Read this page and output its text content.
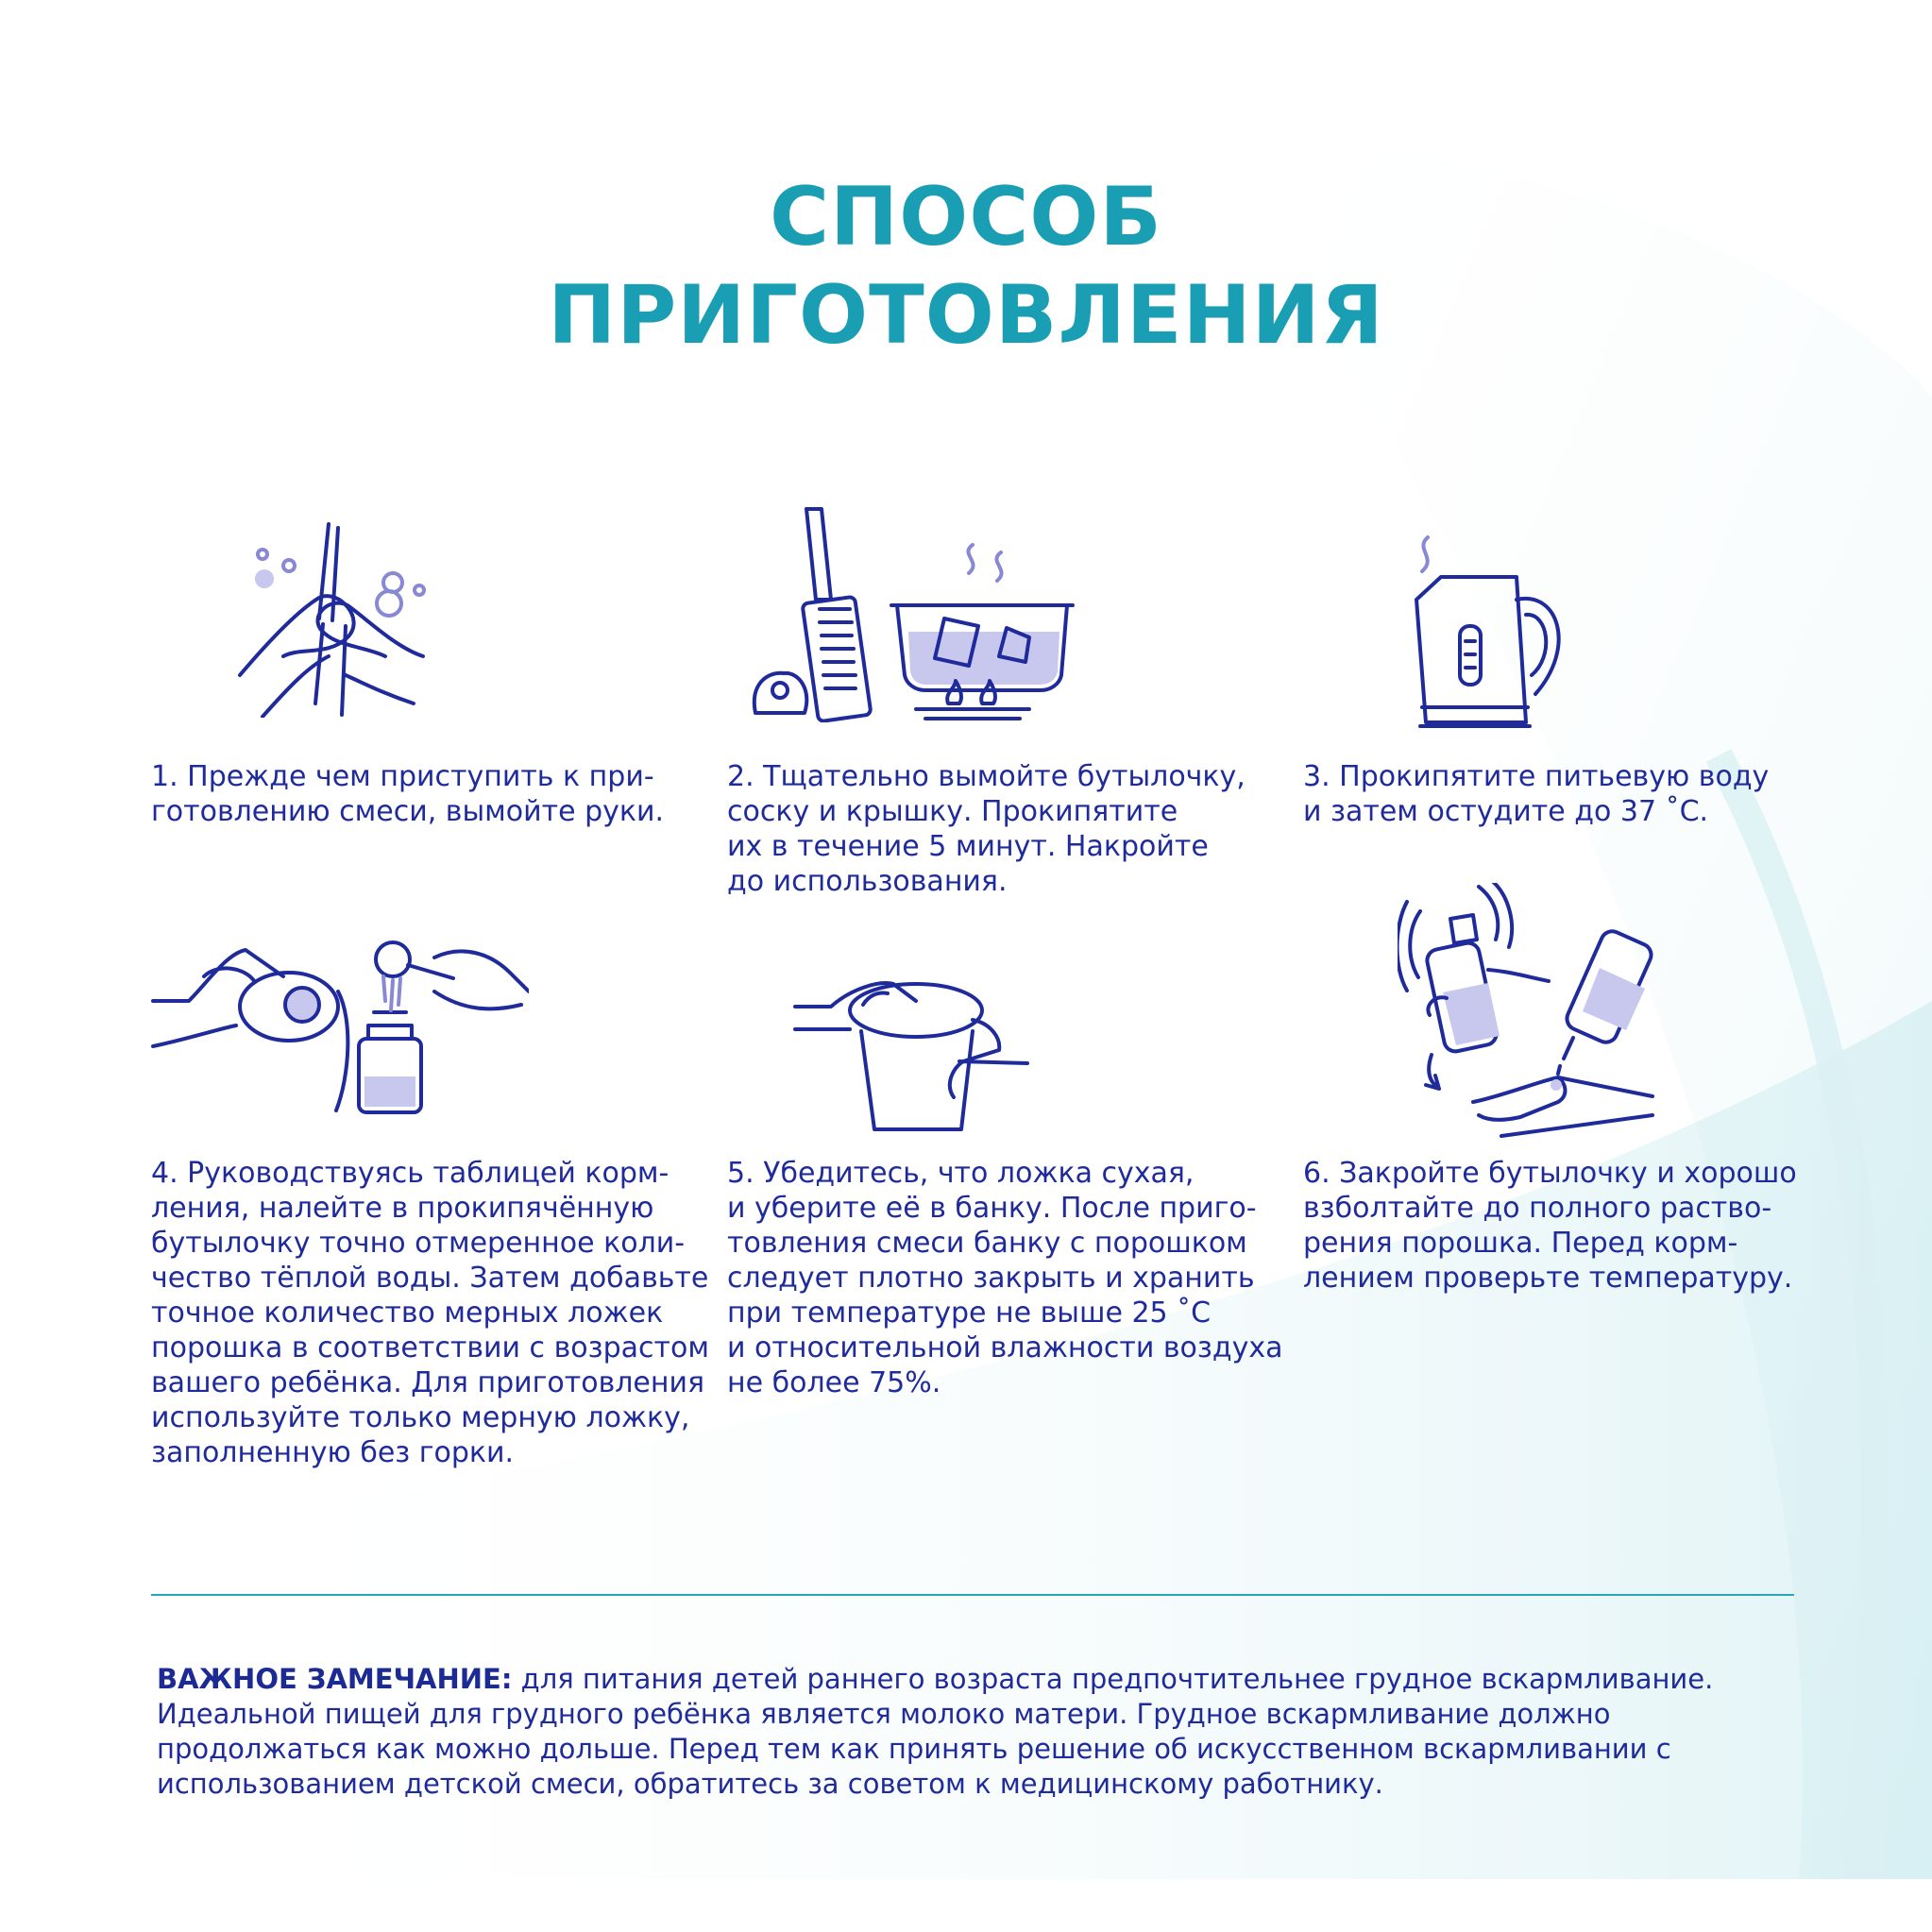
СПОСОБ
ПРИГОТОВЛЕНИЯ
1. Прежде чем приступить к при-
готовлению смеси, вымойте руки.
2. Тщательно вымойте бутылочку,
соску и крышку. Прокипятите
их в течение 5 минут. Накройте
до использования.
3. Прокипятите питьевую воду
и затем остудите до 37 ˚С.
4. Руководствуясь таблицей корм-
ления, налейте в прокипячённую
бутылочку точно отмеренное коли-
чество тёплой воды. Затем добавьте
точное количество мерных ложек
порошка в соответствии с возрастом
вашего ребёнка. Для приготовления
используйте только мерную ложку,
заполненную без горки.
5. Убедитесь, что ложка сухая,
и уберите её в банку. После приго-
товления смеси банку с порошком
следует плотно закрыть и хранить
при температуре не выше 25 ˚С
и относительной влажности воздуха
не более 75%.
6. Закройте бутылочку и хорошо
взболтайте до полного раство-
рения порошка. Перед корм-
лением проверьте температуру.
ВАЖНОЕ ЗАМЕЧАНИЕ: для питания детей раннего возраста предпочтительнее грудное вскармливание. Идеальной пищей для грудного ребёнка является молоко матери. Грудное вскармливание должно продолжаться как можно дольше. Перед тем как принять решение об искусственном вскармливании с использованием детской смеси, обратитесь за советом к медицинскому работнику.
